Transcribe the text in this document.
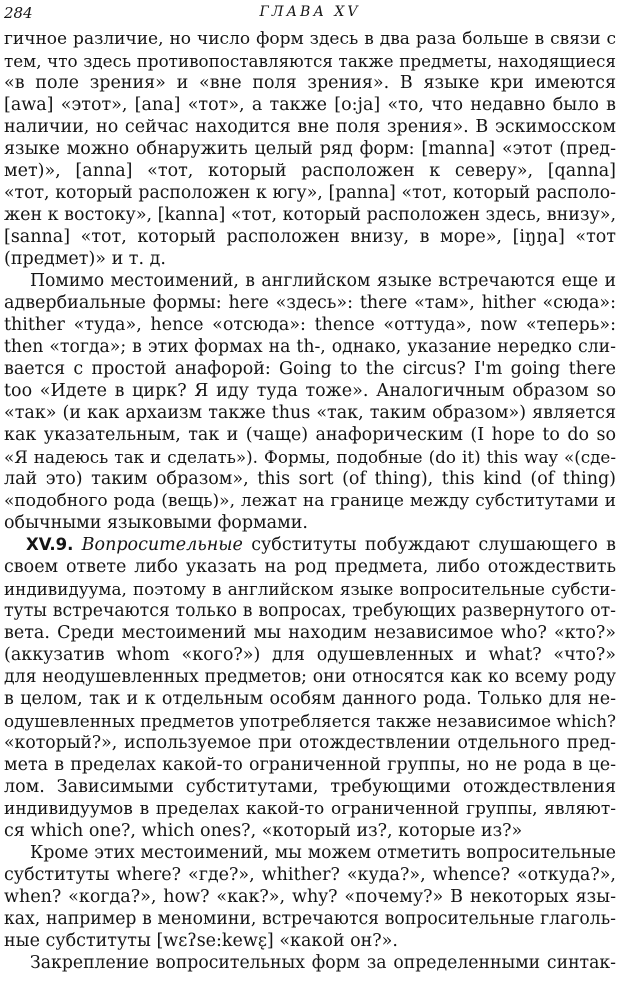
284	ГЛАВА XV
гичное различие, но число форм здесь в два раза больше в связи с
тем, что здесь противопоставляются также предметы, находящиеся
«в поле зрения» и «вне поля зрения». В языке кри имеются
[awa] «этот», [ana] «тот», а также [o:ja] «то, что недавно было в
наличии, но сейчас находится вне поля зрения». В эскимосском
языке можно обнаружить целый ряд форм: [manna] «этот (пред-
мет)», [anna] «тот, который расположен к северу», [qanna]
«тот, который расположен к югу», [panna] «тот, который располо-
жен к востоку», [kanna] «тот, который расположен здесь, внизу»,
[sanna] «тот, который расположен внизу, в море», [iŋŋa] «тот
(предмет)» и т. д.
Помимо местоимений, в английском языке встречаются еще и
адвербиальные формы: here «здесь»: there «там», hither «сюда»:
thither «туда», hence «отсюда»: thence «оттуда», now «теперь»:
then «тогда»; в этих формах на th-, однако, указание нередко сли-
вается с простой анафорой: Going to the circus? I'm going there
too «Идете в цирк? Я иду туда тоже». Аналогичным образом so
«так» (и как архаизм также thus «так, таким образом») является
как указательным, так и (чаще) анафорическим (I hope to do so
«Я надеюсь так и сделать»). Формы, подобные (do it) this way «(сде-
лай это) таким образом», this sort (of thing), this kind (of thing)
«подобного рода (вещь)», лежат на границе между субститутами и
обычными языковыми формами.
XV.9. Вопросительные субституты побуждают слушающего в
своем ответе либо указать на род предмета, либо отождествить
индивидуума, поэтому в английском языке вопросительные субсти-
туты встречаются только в вопросах, требующих развернутого от-
вета. Среди местоимений мы находим независимое who? «кто?»
(аккузатив whom «кого?») для одушевленных и what? «что?»
для неодушевленных предметов; они относятся как ко всему роду
в целом, так и к отдельным особям данного рода. Только для не-
одушевленных предметов употребляется также независимое which?
«который?», используемое при отождествлении отдельного пред-
мета в пределах какой-то ограниченной группы, но не рода в це-
лом. Зависимыми субститутами, требующими отождествления
индивидуумов в пределах какой-то ограниченной группы, являют-
ся which one?, which ones?, «который из?, которые из?»
Кроме этих местоимений, мы можем отметить вопросительные
субституты where? «где?», whither? «куда?», whence? «откуда?»,
when? «когда?», how? «как?», why? «почему?» В некоторых язы-
ках, например в меномини, встречаются вопросительные глаголь-
ные субституты [wɛʔse:kewɛ̨] «какой он?».
Закрепление вопросительных форм за определенными синтак-
